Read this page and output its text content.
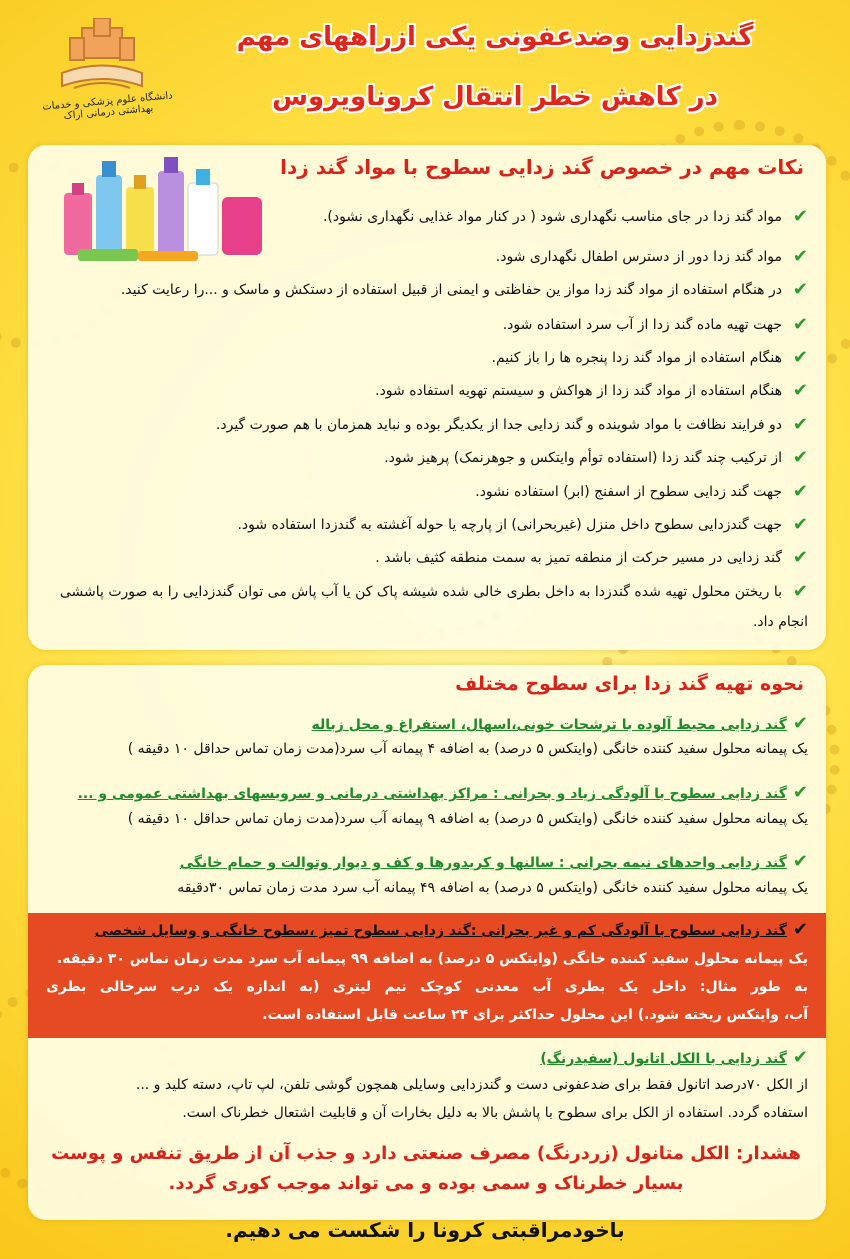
دانشگاه علوم پزشکی و خدمات بهداشتی درمانی اراک
گندزدایی وضدعفونی یکی ازراههای مهم
در کاهش خطر انتقال کروناویروس
نکات مهم در خصوص گند زدایی سطوح با مواد گند زدا
✔مواد گند زدا در جای مناسب نگهداری شود ( در کنار مواد غذایی نگهداری نشود).
✔مواد گند زدا دور از دسترس اطفال نگهداری شود.
✔در هنگام استفاده از مواد گند زدا مواز ین حفاظتی و ایمنی از قبیل استفاده از دستکش و ماسک و ...را رعایت کنید.
✔جهت تهیه ماده گند زدا از آب سرد استفاده شود.
✔هنگام استفاده از مواد گند زدا پنجره ها را باز کنیم.
✔هنگام استفاده از مواد گند زدا از هواکش و سیستم تهویه استفاده شود.
✔دو فرایند نظافت با مواد شوینده و گند زدایی جدا از یکدیگر بوده و نباید همزمان با هم صورت گیرد.
✔از ترکیب چند گند زدا (استفاده توأم وایتکس و جوهرنمک) پرهیز شود.
✔جهت گند زدایی سطوح از اسفنج (ابر) استفاده نشود.
✔جهت گندزدایی سطوح داخل منزل (غیربحرانی) از پارچه یا حوله آغشته به گندزدا استفاده شود.
✔گند زدایی در مسیر حرکت از منطقه تمیز به سمت منطقه کثیف باشد .
✔با ریختن محلول تهیه شده گندزدا به داخل بطری خالی شده شیشه پاک کن یا آب پاش می توان گندزدایی را به صورت پاششی انجام داد.
نحوه تهیه گند زدا برای سطوح مختلف
✔گند زدایی محیط آلوده با ترشحات خونی،اسهال، استفراغ و محل زباله
یک پیمانه محلول سفید کننده خانگی (وایتکس ۵ درصد) به اضافه ۴ پیمانه آب سرد(مدت زمان تماس حداقل ۱۰ دقیقه )
✔گند زدایی سطوح با آلودگی زیاد و بحرانی : مراکز بهداشتی درمانی و سرویسهای بهداشتی عمومی و ...
یک پیمانه محلول سفید کننده خانگی (وایتکس ۵ درصد) به اضافه ۹ پیمانه آب سرد(مدت زمان تماس حداقل ۱۰ دقیقه )
✔گند زدایی واحدهای نیمه بحرانی : سالنها و کریدورها و کف و دیوار وتوالت و حمام خانگی
یک پیمانه محلول سفید کننده خانگی (وایتکس ۵ درصد) به اضافه ۴۹ پیمانه آب سرد مدت زمان تماس ۳۰دقیقه
✔گند زدایی سطوح با آلودگی کم و غیر بحرانی :گند زدایی سطوح تمیز ،سطوح خانگی و وسایل شخصی
یک پیمانه محلول سفید کننده خانگی (وایتکس ۵ درصد) به اضافه ۹۹ پیمانه آب سرد مدت زمان تماس ۳۰ دقیقه.
به طور مثال: داخل یک بطری آب معدنی کوچک نیم لیتری (به اندازه یک درب سرخالی بطری
آب، وایتکس ریخته شود.) این محلول حداکثر برای ۲۴ ساعت قابل استفاده است.
✔گند زدایی با الکل اتانول (سفیدرنگ)
از الکل ۷۰درصد اتانول فقط برای ضدعفونی دست و گندزدایی وسایلی همچون گوشی تلفن، لپ تاپ، دسته کلید و ...
استفاده گردد. استفاده از الکل برای سطوح با پاشش بالا به دلیل بخارات آن و قابلیت اشتعال خطرناک است.
هشدار: الکل متانول (زردرنگ) مصرف صنعتی دارد و جذب آن از طریق تنفس و پوست
بسیار خطرناک و سمی بوده و می تواند موجب کوری گردد.
باخودمراقبتی کرونا را شکست می دهیم.
